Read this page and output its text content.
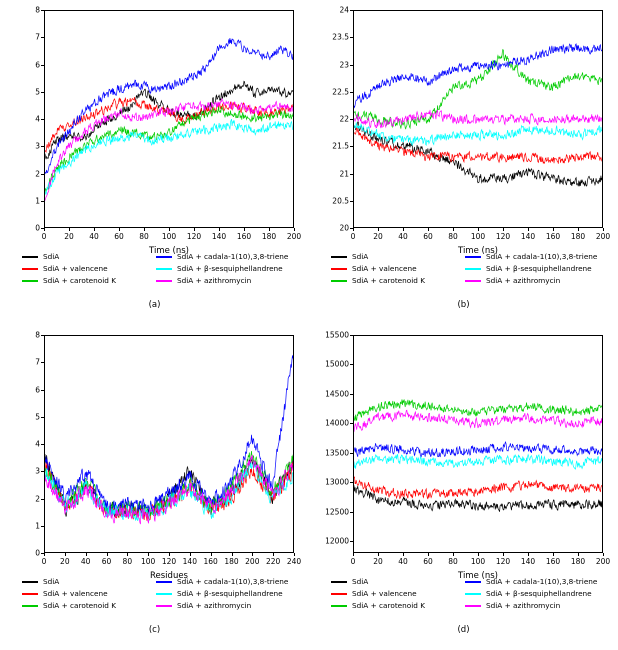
0
1
2
3
4
5
6
7
8
0 20 40 60 80 100 120 140 160 180 200
Time (ns)
SdiA	SdiA + cadala-1(10),3,8-triene
SdiA + valencene	SdiA + β-sesquiphellandrene
SdiA + carotenoid K	SdiA + azithromycin
(a)
20
20.5
21
21.5
22
22.5
23
23.5
24
0 20 40 60 80 100 120 140 160 180 200
Time (ns)
SdiA	SdiA + cadala-1(10),3,8-triene
SdiA + valencene	SdiA + β-sesquiphellandrene
SdiA + carotenoid K	SdiA + azithromycin
(b)
0
1
2
3
4
5
6
7
8
0 20 40 60 80 100 120 140 160 180 200 220 240
Residues
SdiA	SdiA + cadala-1(10),3,8-triene
SdiA + valencene	SdiA + β-sesquiphellandrene
SdiA + carotenoid K	SdiA + azithromycin
(c)
12000
12500
13000
13500
14000
14500
15000
15500
0 20 40 60 80 100 120 140 160 180 200
Time (ns)
SdiA	SdiA + cadala-1(10),3,8-triene
SdiA + valencene	SdiA + β-sesquiphellandrene
SdiA + carotenoid K	SdiA + azithromycin
(d)
